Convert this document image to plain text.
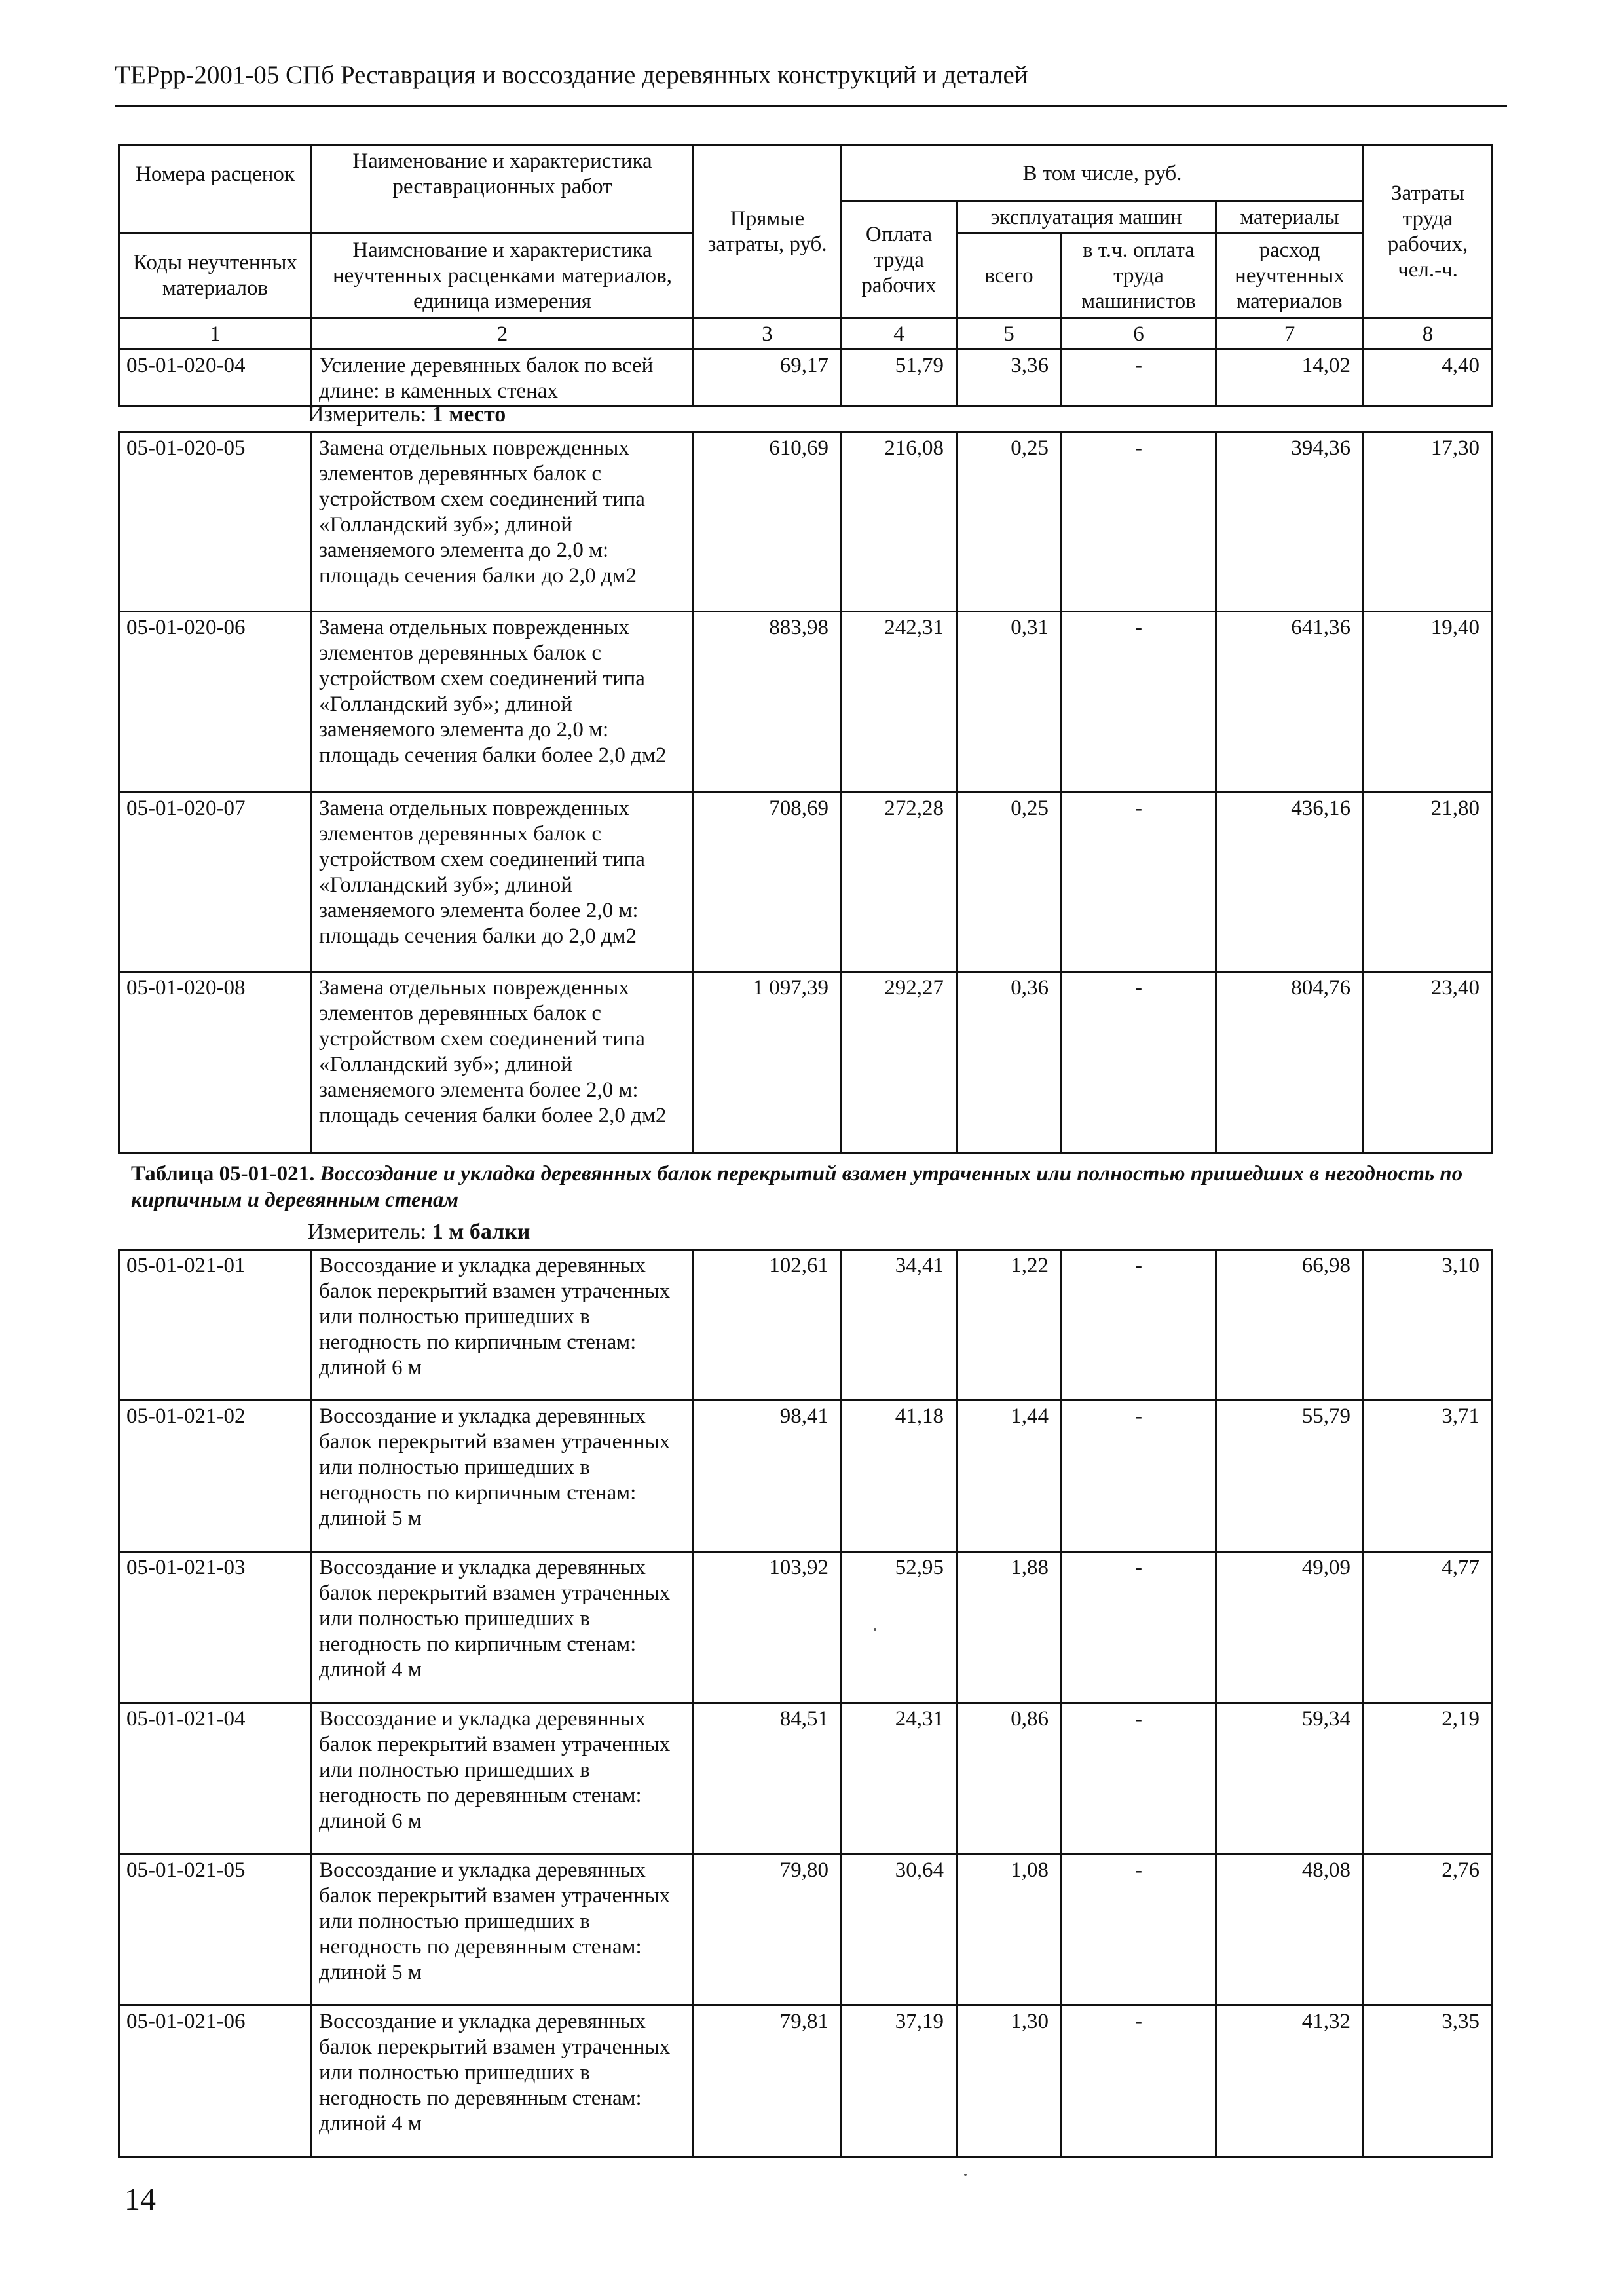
ТЕРрр-2001-05 СПб Реставрация и воссоздание деревянных конструкций и деталей
Номера расценок	Наименование и характеристика реставрационных работ	Прямые затраты, руб.	В том числе, руб.				Затраты труда рабочих, чел.-ч.
			Оплата труда рабочих	эксплуатация машин		материалы	
Коды неучтенных материалов	Наимснование и характеристика неучтенных расценками материалов, единица измерения			всего	в т.ч. оплата труда машинистов	расход неучтенных материалов	
1	2	3	4	5	6	7	8
05-01-020-04	Усиление деревянных балок по всей длине: в каменных стенах	69,17	51,79	3,36	-	14,02	4,40
Измеритель: 1 место
05-01-020-05	Замена отдельных поврежденных элементов деревянных балок с устройством схем соединений типа «Голландский зуб»; длиной заменяемого элемента до 2,0 м: площадь сечения балки до 2,0 дм2	610,69	216,08	0,25	-	394,36	17,30
05-01-020-06	Замена отдельных поврежденных элементов деревянных балок с устройством схем соединений типа «Голландский зуб»; длиной заменяемого элемента до 2,0 м: площадь сечения балки более 2,0 дм2	883,98	242,31	0,31	-	641,36	19,40
05-01-020-07	Замена отдельных поврежденных элементов деревянных балок с устройством схем соединений типа «Голландский зуб»; длиной заменяемого элемента более 2,0 м: площадь сечения балки до 2,0 дм2	708,69	272,28	0,25	-	436,16	21,80
05-01-020-08	Замена отдельных поврежденных элементов деревянных балок с устройством схем соединений типа «Голландский зуб»; длиной заменяемого элемента более 2,0 м: площадь сечения балки более 2,0 дм2	1 097,39	292,27	0,36	-	804,76	23,40
Таблица 05-01-021. Воссоздание и укладка деревянных балок перекрытий взамен утраченных или полностью пришедших в негодность по кирпичным и деревянным стенам
Измеритель: 1 м балки
05-01-021-01	Воссоздание и укладка деревянных балок перекрытий взамен утраченных или полностью пришедших в негодность по кирпичным стенам: длиной 6 м	102,61	34,41	1,22	-	66,98	3,10
05-01-021-02	Воссоздание и укладка деревянных балок перекрытий взамен утраченных или полностью пришедших в негодность по кирпичным стенам: длиной 5 м	98,41	41,18	1,44	-	55,79	3,71
05-01-021-03	Воссоздание и укладка деревянных балок перекрытий взамен утраченных или полностью пришедших в негодность по кирпичным стенам: длиной 4 м	103,92	52,95	1,88	-	49,09	4,77
05-01-021-04	Воссоздание и укладка деревянных балок перекрытий взамен утраченных или полностью пришедших в негодность по деревянным стенам: длиной 6 м	84,51	24,31	0,86	-	59,34	2,19
05-01-021-05	Воссоздание и укладка деревянных балок перекрытий взамен утраченных или полностью пришедших в негодность по деревянным стенам: длиной 5 м	79,80	30,64	1,08	-	48,08	2,76
05-01-021-06	Воссоздание и укладка деревянных балок перекрытий взамен утраченных или полностью пришедших в негодность по деревянным стенам: длиной 4 м	79,81	37,19	1,30	-	41,32	3,35
14
